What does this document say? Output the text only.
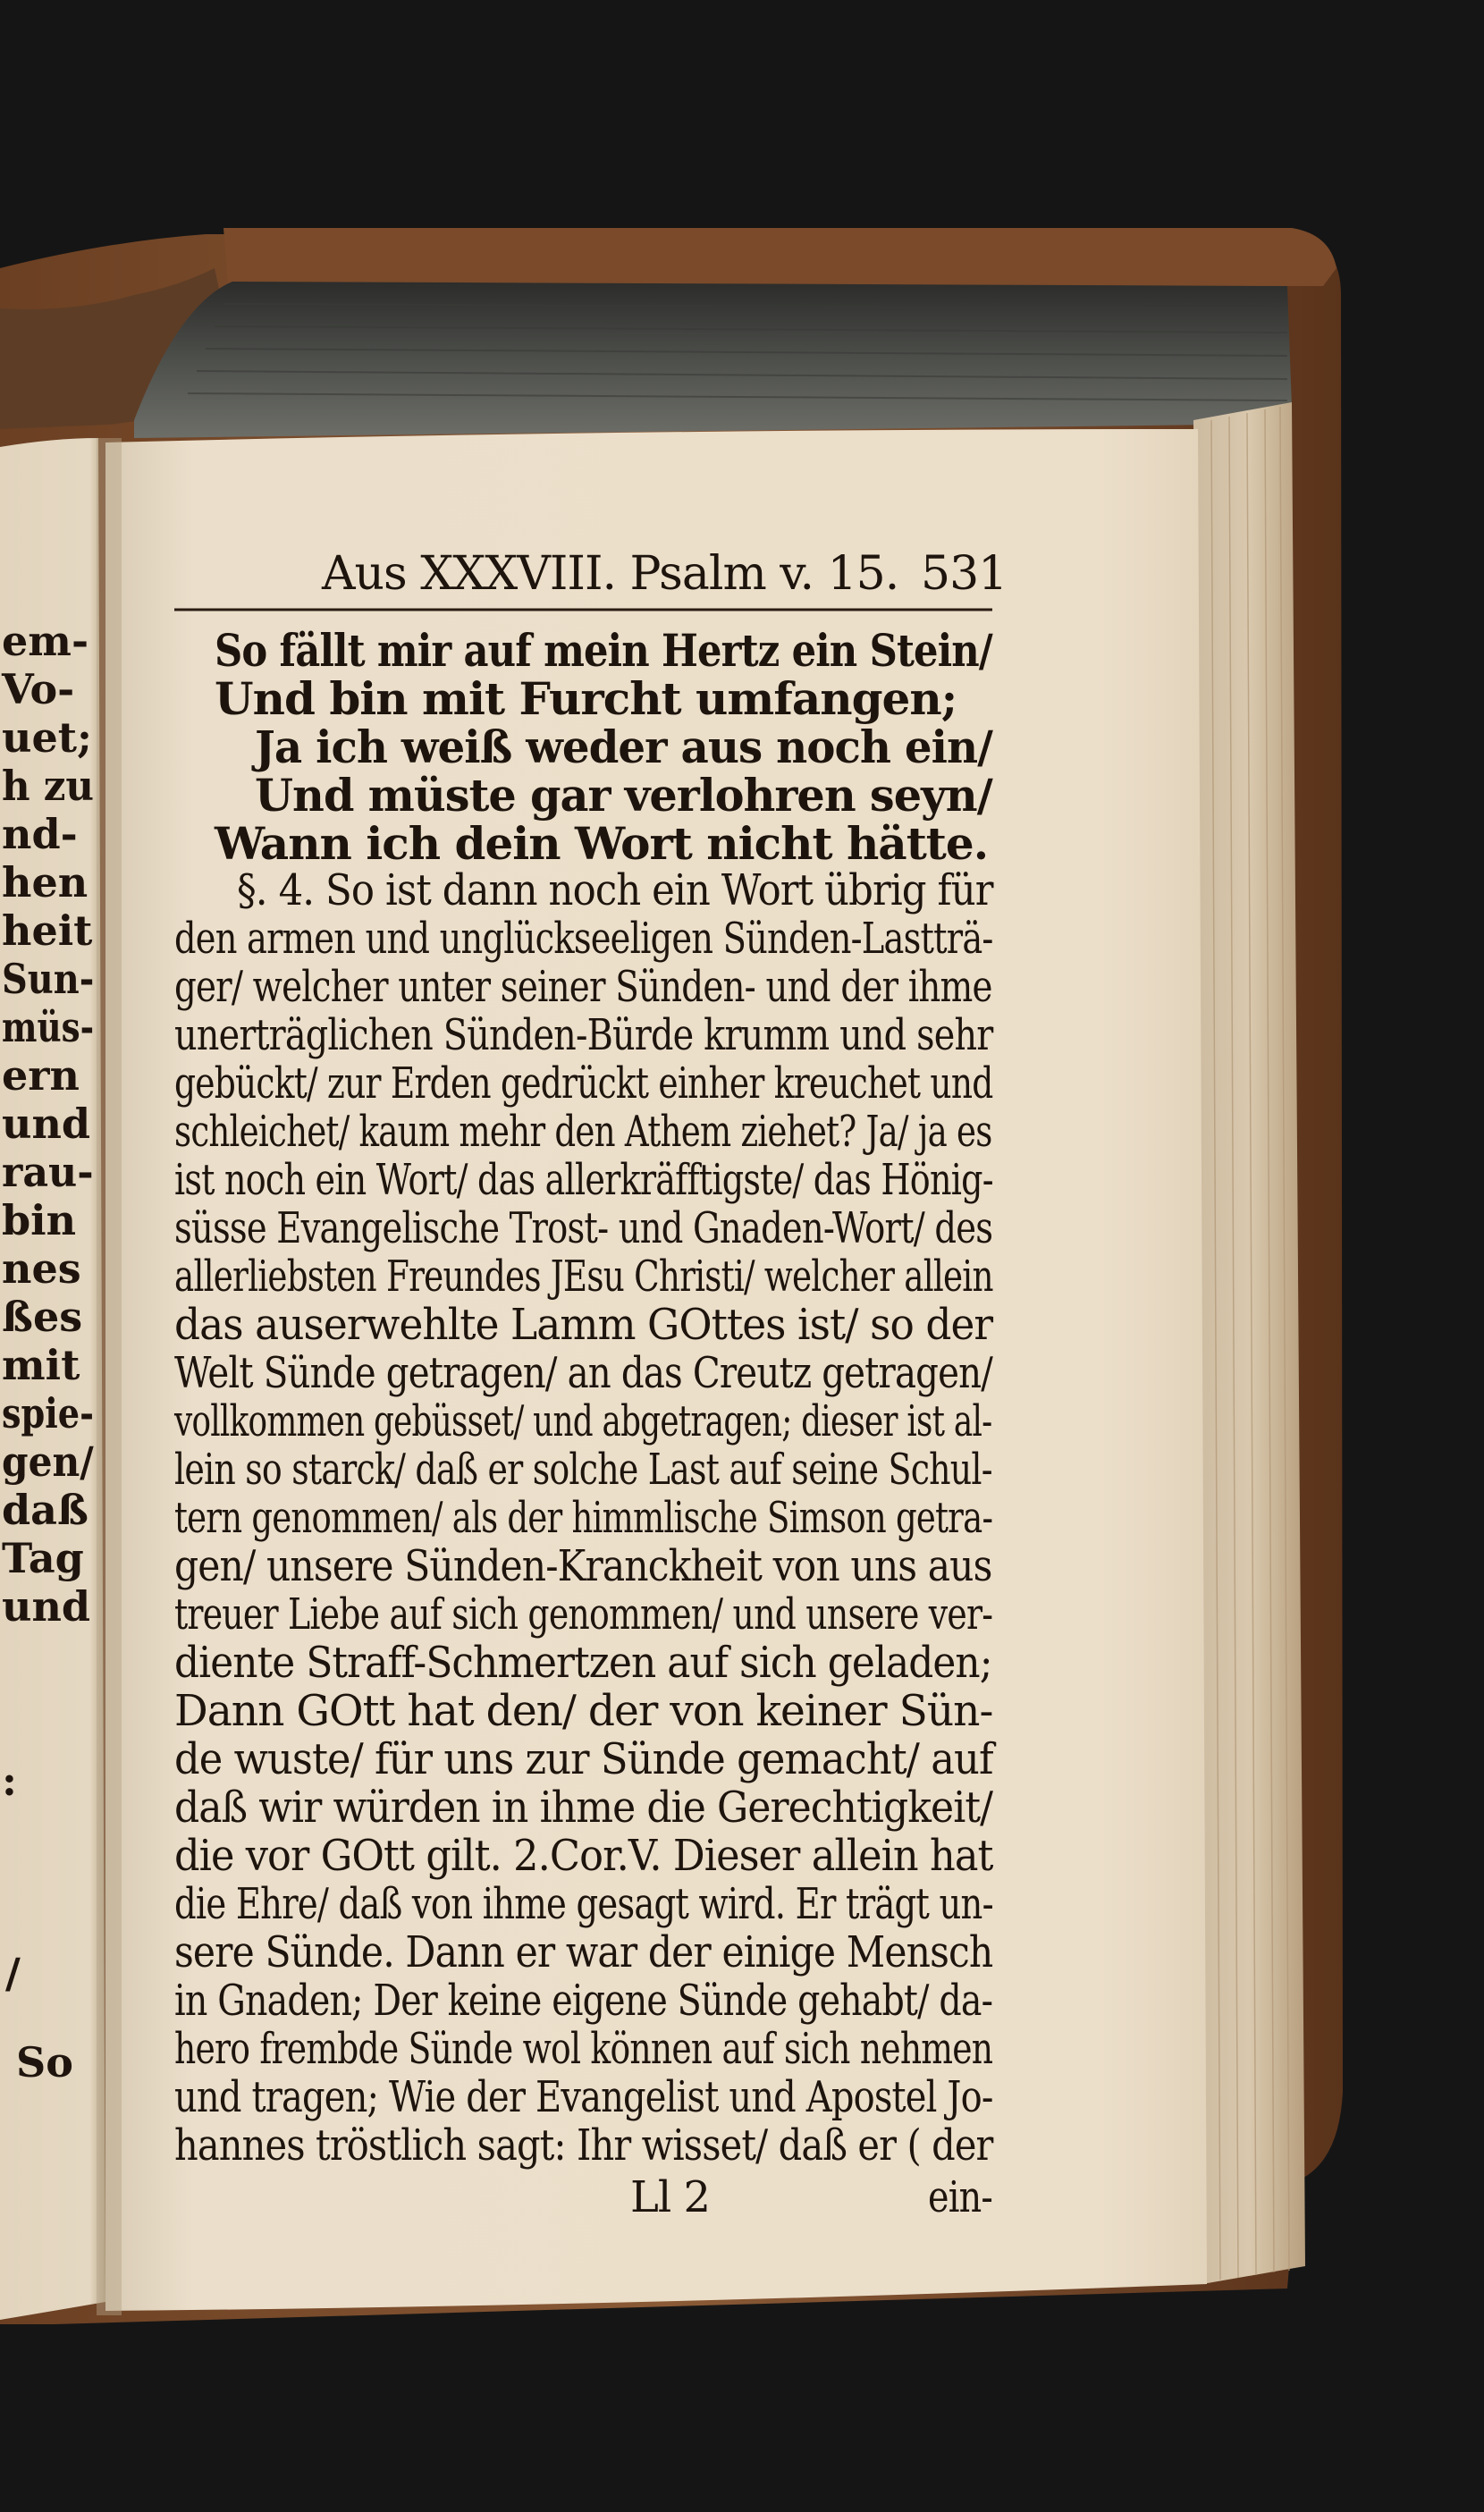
Aus XXXVIII. Psalm v. 15. 531
So fällt mir auf mein Hertz ein Stein/
Und bin mit Furcht umfangen;
Ja ich weiß weder aus noch ein/
Und müste gar verlohren seyn/
Wann ich dein Wort nicht hätte.
§. 4. So ist dann noch ein Wort übrig für
den armen und unglückseeligen Sünden-Lastträ-
ger/ welcher unter seiner Sünden- und der ihme
unerträglichen Sünden-Bürde krumm und sehr
gebückt/ zur Erden gedrückt einher kreuchet und
schleichet/ kaum mehr den Athem ziehet? Ja/ ja es
ist noch ein Wort/ das allerkräfftigste/ das Hönig-
süsse Evangelische Trost- und Gnaden-Wort/ des
allerliebsten Freundes JEsu Christi/ welcher allein
das auserwehlte Lamm GOttes ist/ so der
Welt Sünde getragen/ an das Creutz getragen/
vollkommen gebüsset/ und abgetragen; dieser ist al-
lein so starck/ daß er solche Last auf seine Schul-
tern genommen/ als der himmlische Simson getra-
gen/ unsere Sünden-Kranckheit von uns aus
treuer Liebe auf sich genommen/ und unsere ver-
diente Straff-Schmertzen auf sich geladen;
Dann GOtt hat den/ der von keiner Sün-
de wuste/ für uns zur Sünde gemacht/ auf
daß wir würden in ihme die Gerechtigkeit/
die vor GOtt gilt. 2.Cor.V. Dieser allein hat
die Ehre/ daß von ihme gesagt wird. Er trägt un-
sere Sünde. Dann er war der einige Mensch
in Gnaden; Der keine eigene Sünde gehabt/ da-
hero frembde Sünde wol können auf sich nehmen
und tragen; Wie der Evangelist und Apostel Jo-
hannes tröstlich sagt: Ihr wisset/ daß er ( der
Ll 2	ein-
em-
Vo-
uet;
h zu
nd-
hen
heit
Sun-
müs-
ern
und
rau-
bin
nes
ßes
mit
spie-
gen/
daß
Tag
und
:
/
So
